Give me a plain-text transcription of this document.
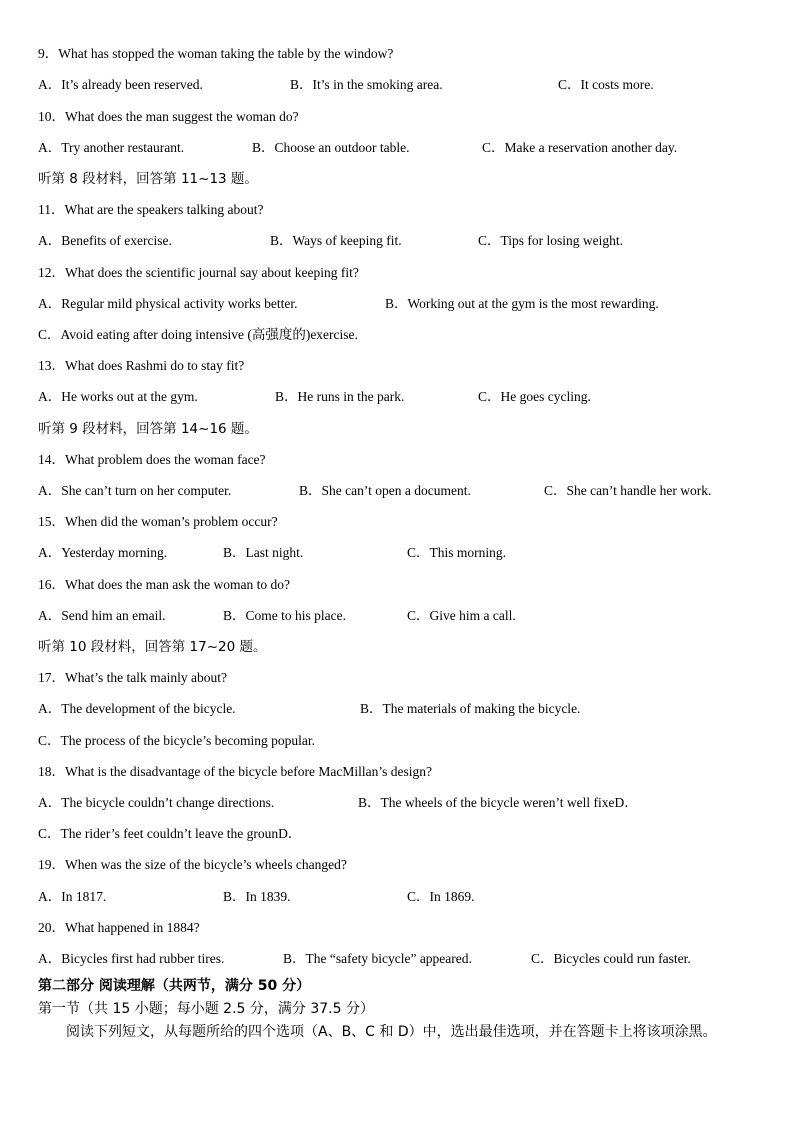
9．What has stopped the woman taking the table by the window?
A．It’s already been reserved.	B．It’s in the smoking area.	C．It costs more.
10．What does the man suggest the woman do?
A．Try another restaurant.	B．Choose an outdoor table.	C．Make a reservation another day.
听第 8 段材料，回答第 11~13 题。
11．What are the speakers talking about?
A．Benefits of exercise.	B．Ways of keeping fit.	C．Tips for losing weight.
12．What does the scientific journal say about keeping fit?
A．Regular mild physical activity works better.	B．Working out at the gym is the most rewarding.
C．Avoid eating after doing intensive (高强度的)exercise.
13．What does Rashmi do to stay fit?
A．He works out at the gym.	B．He runs in the park.	C．He goes cycling.
听第 9 段材料，回答第 14~16 题。
14．What problem does the woman face?
A．She can’t turn on her computer.	B．She can’t open a document.	C．She can’t handle her work.
15．When did the woman’s problem occur?
A．Yesterday morning.	B．Last night.	C．This morning.
16．What does the man ask the woman to do?
A．Send him an email.	B．Come to his place.	C．Give him a call.
听第 10 段材料，回答第 17~20 题。
17．What’s the talk mainly about?
A．The development of the bicycle.	B．The materials of making the bicycle.
C．The process of the bicycle’s becoming popular.
18．What is the disadvantage of the bicycle before MacMillan’s design?
A．The bicycle couldn’t change directions.	B．The wheels of the bicycle weren’t well fixeD．
C．The rider’s feet couldn’t leave the grounD．
19．When was the size of the bicycle’s wheels changed?
A．In 1817.	B．In 1839.	C．In 1869.
20．What happened in 1884?
A．Bicycles first had rubber tires.	B．The “safety bicycle” appeared.	C．Bicycles could run faster.
第二部分 阅读理解（共两节，满分 50 分）
第一节（共 15 小题；每小题 2.5 分，满分 37.5 分）
阅读下列短文，从每题所给的四个选项（A、B、C 和 D）中，选出最佳选项，并在答题卡上将该项涂黑。
